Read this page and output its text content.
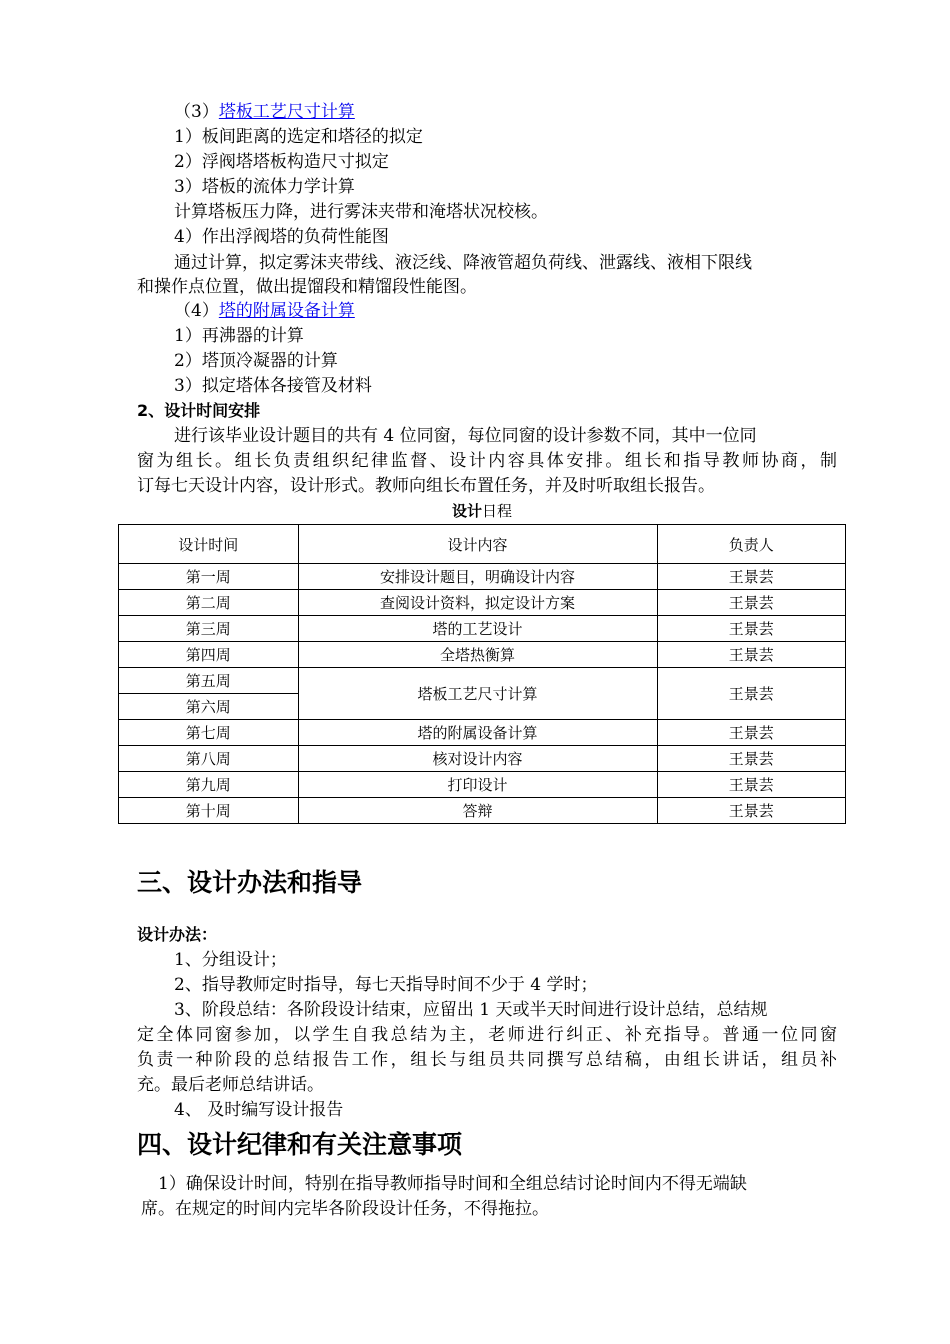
（3）塔板工艺尺寸计算
1）板间距离的选定和塔径的拟定
2）浮阀塔塔板构造尺寸拟定
3）塔板的流体力学计算
计算塔板压力降，进行雾沫夹带和淹塔状况校核。
4）作出浮阀塔的负荷性能图
通过计算，拟定雾沫夹带线、液泛线、降液管超负荷线、泄露线、液相下限线
和操作点位置，做出提馏段和精馏段性能图。
（4）塔的附属设备计算
1）再沸器的计算
2）塔顶冷凝器的计算
3）拟定塔体各接管及材料
2、设计时间安排
进行该毕业设计题目的共有 4 位同窗，每位同窗的设计参数不同，其中一位同
窗为组长。组长负责组织纪律监督、设计内容具体安排。组长和指导教师协商，制
订每七天设计内容，设计形式。教师向组长布置任务，并及时听取组长报告。
设计日程
设计时间	设计内容	负责人
第一周	安排设计题目，明确设计内容	王景芸
第二周	查阅设计资料，拟定设计方案	王景芸
第三周	塔的工艺设计	王景芸
第四周	全塔热衡算	王景芸
第五周	塔板工艺尺寸计算	王景芸
第六周		
第七周	塔的附属设备计算	王景芸
第八周	核对设计内容	王景芸
第九周	打印设计	王景芸
第十周	答辩	王景芸
三、设计办法和指导
设计办法：
1、分组设计；
2、指导教师定时指导，每七天指导时间不少于 4 学时；
3、阶段总结：各阶段设计结束，应留出 1 天或半天时间进行设计总结，总结规
定全体同窗参加，以学生自我总结为主，老师进行纠正、补充指导。普通一位同窗
负责一种阶段的总结报告工作，组长与组员共同撰写总结稿，由组长讲话，组员补
充。最后老师总结讲话。
4、 及时编写设计报告
四、设计纪律和有关注意事项
1）确保设计时间，特别在指导教师指导时间和全组总结讨论时间内不得无端缺
席。在规定的时间内完毕各阶段设计任务，不得拖拉。
